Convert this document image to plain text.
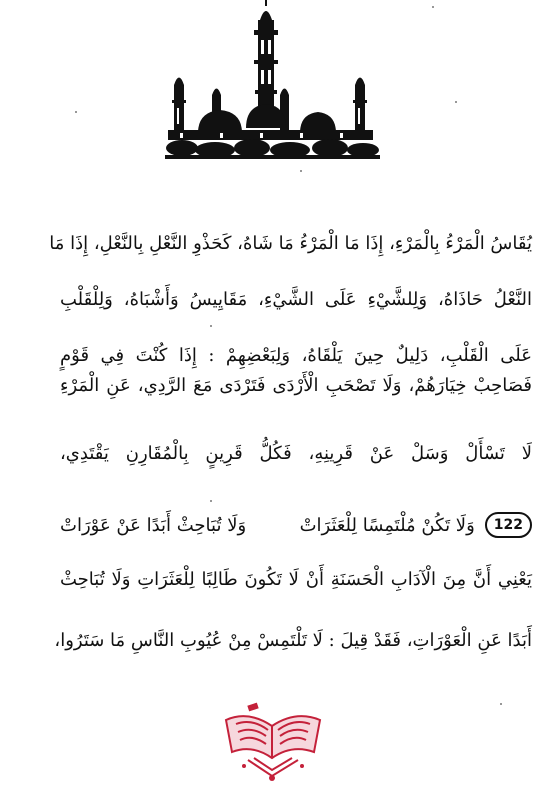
يُقَاسُ الْمَرْءُ بِالْمَرْءِ، إِذَا مَا الْمَرْءُ مَا شَاهُ، كَحَذْوِ النَّعْلِ بِالنَّعْلِ، إِذَا مَا
النَّعْلُ حَاذَاهُ، وَلِلشَّيْءِ عَلَى الشَّيْءِ، مَقَايِيسُ وَأَشْبَاهُ، وَلِلْقَلْبِ
عَلَى الْقَلْبِ، دَلِيلٌ حِينَ يَلْقَاهُ، وَلِبَعْضِهِمْ : إِذَا كُنْتَ فِي قَوْمٍ
فَصَاحِبْ خِيَارَهُمْ، وَلَا تَصْحَبِ الْأَرْدَى فَتَرْدَى مَعَ الرَّدِي، عَنِ الْمَرْءِ
لَا تَسْأَلْ وَسَلْ عَنْ قَرِينِهِ، فَكُلُّ قَرِينٍ بِالْمُقَارِنِ يَقْتَدِي،
122
وَلَا تَكُنْ مُلْتَمِسًا لِلْعَثَرَاتْ
وَلَا تُبَاحِثْ أَبَدًا عَنْ عَوْرَاتْ
يَعْنِي أَنَّ مِنَ الْآدَابِ الْحَسَنَةِ أَنْ لَا تَكُونَ طَالِبًا لِلْعَثَرَاتِ وَلَا تُبَاحِثْ
أَبَدًا عَنِ الْعَوْرَاتِ، فَقَدْ قِيلَ : لَا تَلْتَمِسْ مِنْ عُيُوبِ النَّاسِ مَا سَتَرُوا،
